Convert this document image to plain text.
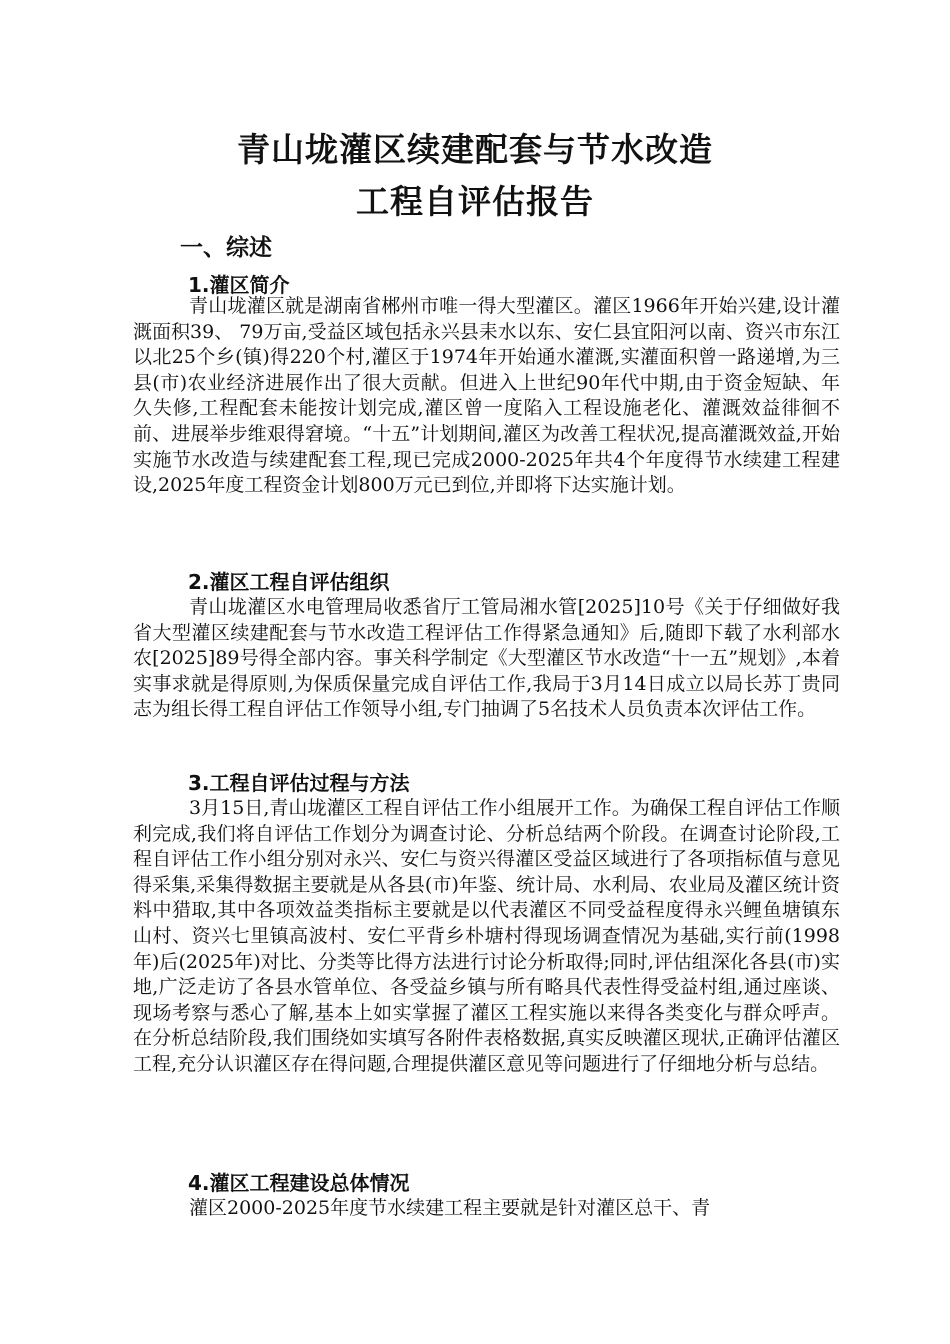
青山垅灌区续建配套与节水改造
工程自评估报告
一、综述
1.灌区简介

青山垅灌区就是湖南省郴州市唯一得大型灌区。灌区1966年开始兴建,设计灌溉面积39、 79万亩,受益区域包括永兴县耒水以东、安仁县宜阳河以南、资兴市东江以北25个乡(镇)得220个村,灌区于1974年开始通水灌溉,实灌面积曾一路递增,为三县(市)农业经济进展作出了很大贡献。但进入上世纪90年代中期,由于资金短缺、年久失修,工程配套未能按计划完成,灌区曾一度陷入工程设施老化、灌溉效益徘徊不前、进展举步维艰得窘境。“十五”计划期间,灌区为改善工程状况,提高灌溉效益,开始实施节水改造与续建配套工程,现已完成2000-2025年共4个年度得节水续建工程建设,2025年度工程资金计划800万元已到位,并即将下达实施计划。

2.灌区工程自评估组织

青山垅灌区水电管理局收悉省厅工管局湘水管[2025]10号《关于仔细做好我省大型灌区续建配套与节水改造工程评估工作得紧急通知》后,随即下载了水利部水农[2025]89号得全部内容。事关科学制定《大型灌区节水改造“十一五”规划》,本着实事求就是得原则,为保质保量完成自评估工作,我局于3月14日成立以局长苏丁贵同志为组长得工程自评估工作领导小组,专门抽调了5名技术人员负责本次评估工作。

3.工程自评估过程与方法

3月15日,青山垅灌区工程自评估工作小组展开工作。为确保工程自评估工作顺利完成,我们将自评估工作划分为调查讨论、分析总结两个阶段。在调查讨论阶段,工程自评估工作小组分别对永兴、安仁与资兴得灌区受益区域进行了各项指标值与意见得采集,采集得数据主要就是从各县(市)年鉴、统计局、水利局、农业局及灌区统计资料中猎取,其中各项效益类指标主要就是以代表灌区不同受益程度得永兴鲤鱼塘镇东山村、资兴七里镇高波村、安仁平背乡朴塘村得现场调查情况为基础,实行前(1998年)后(2025年)对比、分类等比得方法进行讨论分析取得;同时,评估组深化各县(市)实地,广泛走访了各县水管单位、各受益乡镇与所有略具代表性得受益村组,通过座谈、现场考察与悉心了解,基本上如实掌握了灌区工程实施以来得各类变化与群众呼声。在分析总结阶段,我们围绕如实填写各附件表格数据,真实反映灌区现状,正确评估灌区工程,充分认识灌区存在得问题,合理提供灌区意见等问题进行了仔细地分析与总结。

4.灌区工程建设总体情况

灌区2000-2025年度节水续建工程主要就是针对灌区总干、青
